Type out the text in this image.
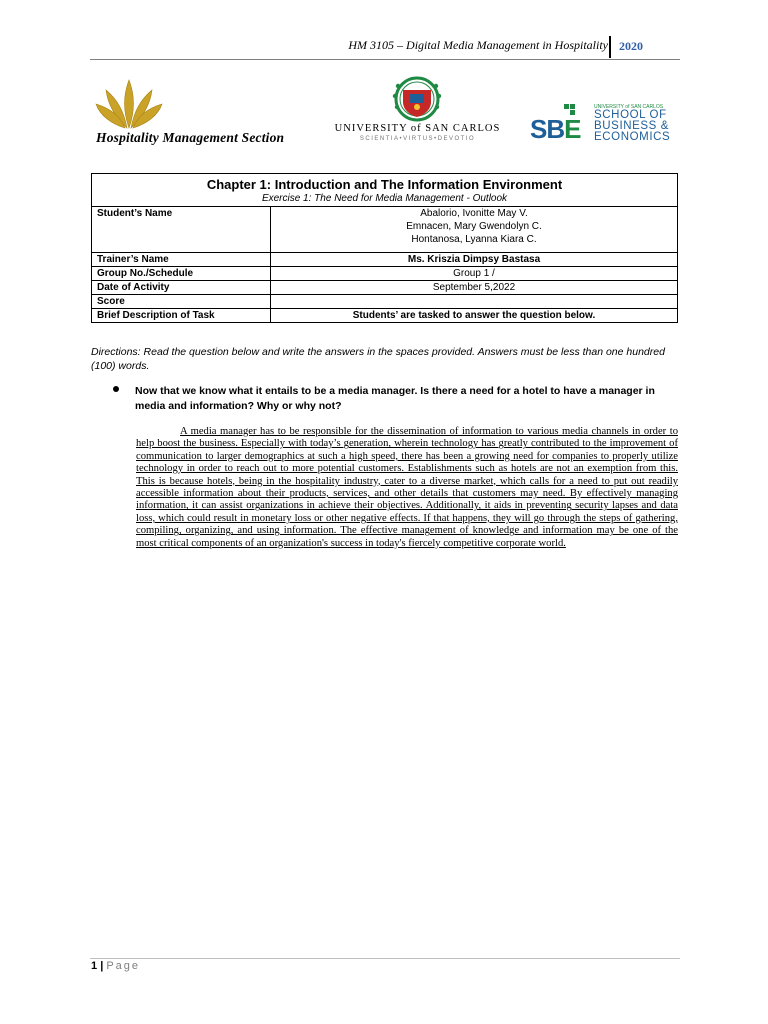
HM 3105 – Digital Media Management in Hospitality 2020
Hospitality Management Section
UNIVERSITY of SAN CARLOS
SCIENTIA•VIRTUS•DEVOTIO	SBE
UNIVERSITY of SAN CARLOS
SCHOOL OF
BUSINESS &
ECONOMICS
Chapter 1: Introduction and The Information Environment
Exercise 1: The Need for Media Management - Outlook	

Student’s Name	Abalorio, Ivonitte May V.
Emnacen, Mary Gwendolyn C.
Hontanosa, Lyanna Kiara C.

Trainer’s Name	Ms. Kriszia Dimpsy Bastasa
Group No./Schedule	Group 1 /
Date of Activity	September 5,2022
Score	
Brief Description of Task	Students’ are tasked to answer the question below.
Directions: Read the question below and write the answers in the spaces provided. Answers must be less than one hundred (100) words.
Now that we know what it entails to be a media manager. Is there a need for a hotel to have a manager in media and information? Why or why not?
A media manager has to be responsible for the dissemination of information to various media channels in order to help boost the business. Especially with today’s generation, wherein technology has greatly contributed to the improvement of communication to larger demographics at such a high speed, there has been a growing need for companies to properly utilize technology in order to reach out to more potential customers. Establishments such as hotels are not an exemption from this. This is because hotels, being in the hospitality industry, cater to a diverse market, which calls for a need to put out readily accessible information about their products, services, and other details that customers may need. By effectively managing information, it can assist organizations in achieve their objectives. Additionally, it aids in preventing security lapses and data loss, which could result in monetary loss or other negative effects. If that happens, they will go through the steps of gathering, compiling, organizing, and using information. The effective management of knowledge and information may be one of the most critical components of an organization's success in today's fiercely competitive corporate world.
1 | Page
